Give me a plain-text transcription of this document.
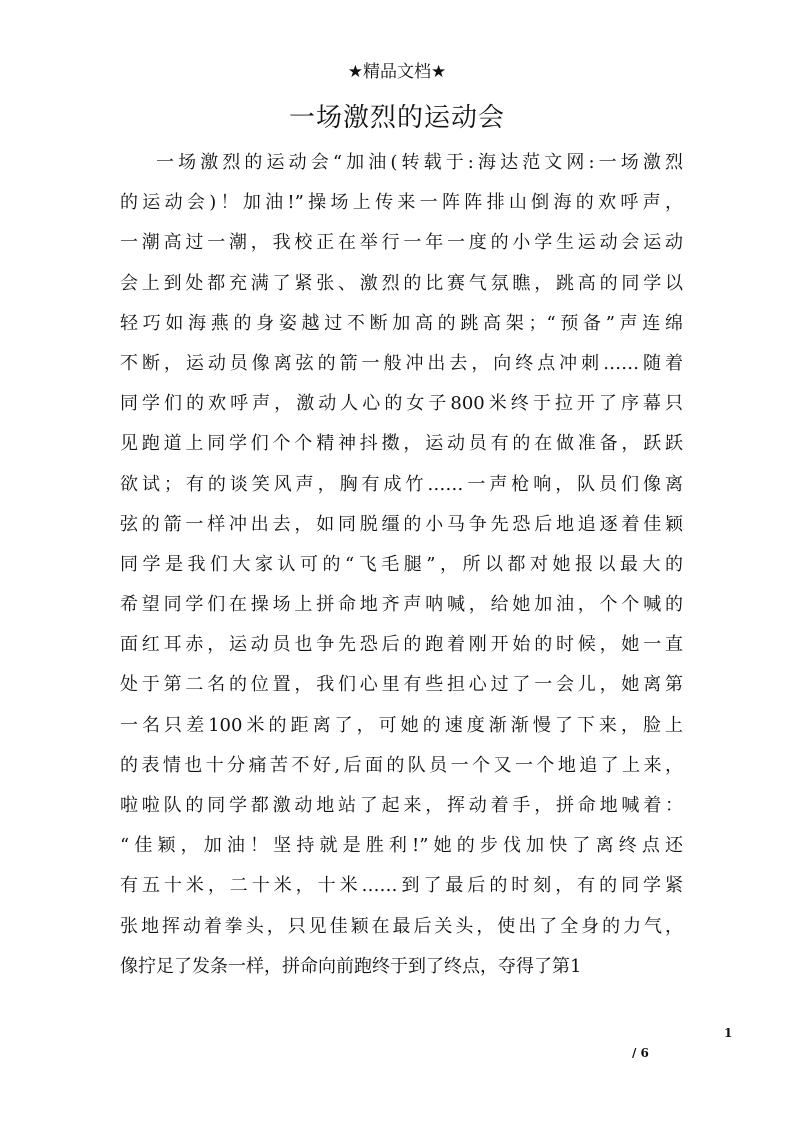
★精品文档★
一场激烈的运动会
一场激烈的运动会“加油(转载于:海达范文网:一场激烈
的运动会)！加油!”操场上传来一阵阵排山倒海的欢呼声，
一潮高过一潮，我校正在举行一年一度的小学生运动会运动
会上到处都充满了紧张、激烈的比赛气氛瞧，跳高的同学以
轻巧如海燕的身姿越过不断加高的跳高架；“预备”声连绵
不断，运动员像离弦的箭一般冲出去，向终点冲刺……随着
同学们的欢呼声，激动人心的女子800米终于拉开了序幕只
见跑道上同学们个个精神抖擞，运动员有的在做准备，跃跃
欲试；有的谈笑风声，胸有成竹……一声枪响，队员们像离
弦的箭一样冲出去，如同脱缰的小马争先恐后地追逐着佳颖
同学是我们大家认可的“飞毛腿”，所以都对她报以最大的
希望同学们在操场上拼命地齐声呐喊，给她加油，个个喊的
面红耳赤，运动员也争先恐后的跑着刚开始的时候，她一直
处于第二名的位置，我们心里有些担心过了一会儿，她离第
一名只差100米的距离了，可她的速度渐渐慢了下来，脸上
的表情也十分痛苦不好,后面的队员一个又一个地追了上来，
啦啦队的同学都激动地站了起来，挥动着手，拼命地喊着：
“佳颖，加油！坚持就是胜利!”她的步伐加快了离终点还
有五十米，二十米，十米……到了最后的时刻，有的同学紧
张地挥动着拳头，只见佳颖在最后关头，使出了全身的力气，
像拧足了发条一样，拼命向前跑终于到了终点，夺得了第1
1
/ 6
